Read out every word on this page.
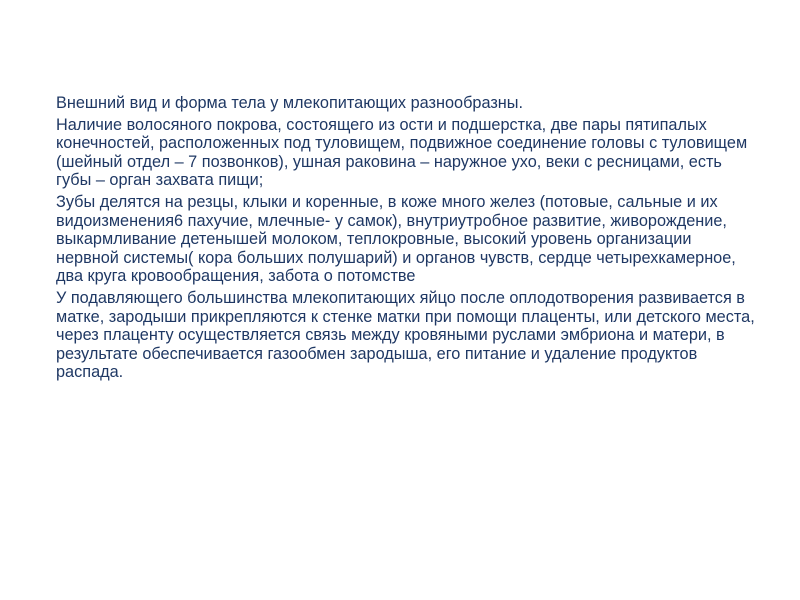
Внешний вид и форма тела у млекопитающих разнообразны.

Наличие волосяного покрова, состоящего из ости и подшерстка, две пары пятипалых конечностей, расположенных под туловищем, подвижное соединение головы с туловищем (шейный отдел – 7 позвонков), ушная раковина – наружное ухо, веки с ресницами, есть губы – орган захвата пищи;

Зубы делятся на резцы, клыки и коренные, в коже много желез (потовые, сальные и их видоизменения6 пахучие, млечные- у самок), внутриутробное развитие, живорождение, выкармливание детенышей молоком, теплокровные, высокий уровень организации нервной системы( кора больших полушарий) и органов чувств, сердце четырехкамерное, два круга кровообращения, забота о потомстве

У подавляющего большинства млекопитающих яйцо после оплодотворения развивается в матке, зародыши прикрепляются к стенке матки при помощи плаценты, или детского места, через плаценту осуществляется связь между кровяными руслами эмбриона и матери, в результате обеспечивается газообмен зародыша, его питание и удаление продуктов распада.
